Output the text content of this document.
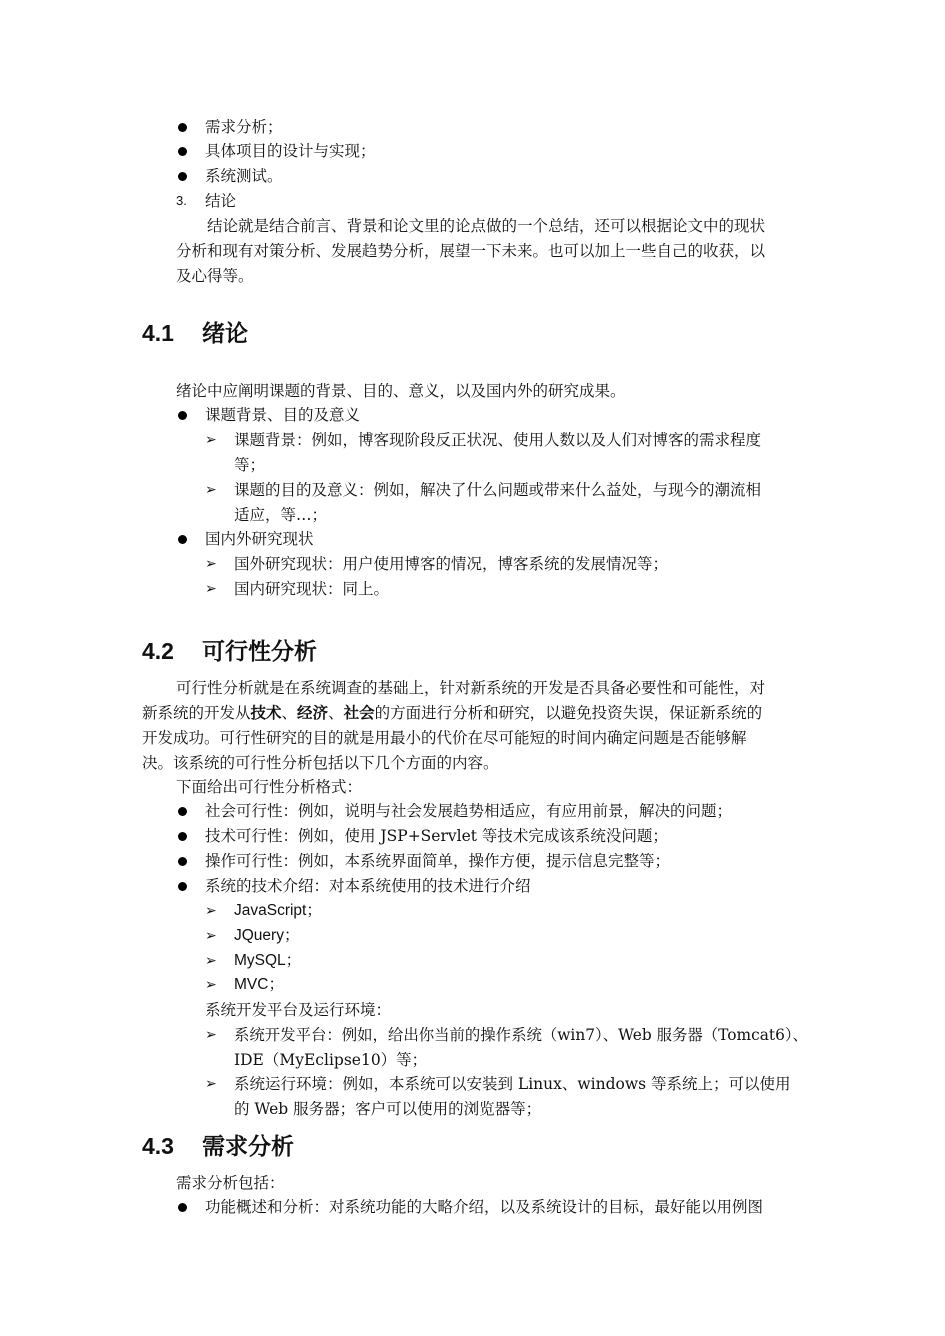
需求分析；
具体项目的设计与实现；
系统测试。
3. 结论
结论就是结合前言、背景和论文里的论点做的一个总结，还可以根据论文中的现状
分析和现有对策分析、发展趋势分析，展望一下未来。也可以加上一些自己的收获，以
及心得等。
4.1 绪论
绪论中应阐明课题的背景、目的、意义，以及国内外的研究成果。
课题背景、目的及意义
➢ 课题背景：例如，博客现阶段反正状况、使用人数以及人们对博客的需求程度
等；
➢ 课题的目的及意义：例如，解决了什么问题或带来什么益处，与现今的潮流相
适应，等…；
国内外研究现状
➢ 国外研究现状：用户使用博客的情况，博客系统的发展情况等；
➢ 国内研究现状：同上。
4.2 可行性分析
可行性分析就是在系统调查的基础上，针对新系统的开发是否具备必要性和可能性，对
新系统的开发从技术、经济、社会的方面进行分析和研究，以避免投资失误，保证新系统的
开发成功。可行性研究的目的就是用最小的代价在尽可能短的时间内确定问题是否能够解
决。该系统的可行性分析包括以下几个方面的内容。
下面给出可行性分析格式：
社会可行性：例如，说明与社会发展趋势相适应，有应用前景，解决的问题；
技术可行性：例如，使用 JSP+Servlet 等技术完成该系统没问题；
操作可行性：例如，本系统界面简单，操作方便，提示信息完整等；
系统的技术介绍：对本系统使用的技术进行介绍
➢ JavaScript；
➢ JQuery；
➢ MySQL；
➢ MVC；
系统开发平台及运行环境：
➢ 系统开发平台：例如，给出你当前的操作系统（win7）、Web 服务器（Tomcat6）、
IDE（MyEclipse10）等；
➢ 系统运行环境：例如，本系统可以安装到 Linux、windows 等系统上；可以使用
的 Web 服务器；客户可以使用的浏览器等；
4.3 需求分析
需求分析包括：
功能概述和分析：对系统功能的大略介绍，以及系统设计的目标，最好能以用例图
